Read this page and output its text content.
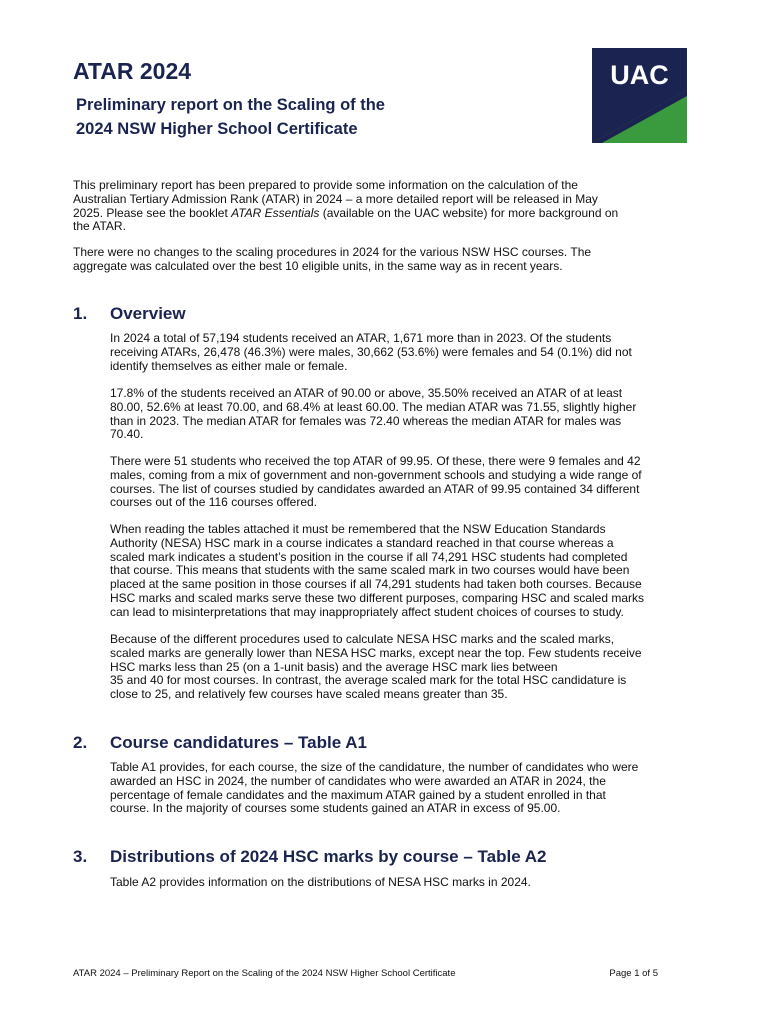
ATAR 2024
Preliminary report on the Scaling of the
2024 NSW Higher School Certificate
UAC

This preliminary report has been prepared to provide some information on the calculation of the
Australian Tertiary Admission Rank (ATAR) in 2024 – a more detailed report will be released in May
2025. Please see the booklet ATAR Essentials (available on the UAC website) for more background on
the ATAR.

There were no changes to the scaling procedures in 2024 for the various NSW HSC courses. The
aggregate was calculated over the best 10 eligible units, in the same way as in recent years.

1. Overview

In 2024 a total of 57,194 students received an ATAR, 1,671 more than in 2023. Of the students
receiving ATARs, 26,478 (46.3%) were males, 30,662 (53.6%) were females and 54 (0.1%) did not
identify themselves as either male or female.

17.8% of the students received an ATAR of 90.00 or above, 35.50% received an ATAR of at least
80.00, 52.6% at least 70.00, and 68.4% at least 60.00. The median ATAR was 71.55, slightly higher
than in 2023. The median ATAR for females was 72.40 whereas the median ATAR for males was
70.40.

There were 51 students who received the top ATAR of 99.95. Of these, there were 9 females and 42
males, coming from a mix of government and non-government schools and studying a wide range of
courses. The list of courses studied by candidates awarded an ATAR of 99.95 contained 34 different
courses out of the 116 courses offered.

When reading the tables attached it must be remembered that the NSW Education Standards
Authority (NESA) HSC mark in a course indicates a standard reached in that course whereas a
scaled mark indicates a student’s position in the course if all 74,291 HSC students had completed
that course. This means that students with the same scaled mark in two courses would have been
placed at the same position in those courses if all 74,291 students had taken both courses. Because
HSC marks and scaled marks serve these two different purposes, comparing HSC and scaled marks
can lead to misinterpretations that may inappropriately affect student choices of courses to study.

Because of the different procedures used to calculate NESA HSC marks and the scaled marks,
scaled marks are generally lower than NESA HSC marks, except near the top. Few students receive
HSC marks less than 25 (on a 1-unit basis) and the average HSC mark lies between
35 and 40 for most courses. In contrast, the average scaled mark for the total HSC candidature is
close to 25, and relatively few courses have scaled means greater than 35.

2. Course candidatures – Table A1

Table A1 provides, for each course, the size of the candidature, the number of candidates who were
awarded an HSC in 2024, the number of candidates who were awarded an ATAR in 2024, the
percentage of female candidates and the maximum ATAR gained by a student enrolled in that
course. In the majority of courses some students gained an ATAR in excess of 95.00.

3. Distributions of 2024 HSC marks by course – Table A2

Table A2 provides information on the distributions of NESA HSC marks in 2024.

ATAR 2024 – Preliminary Report on the Scaling of the 2024 NSW Higher School Certificate	Page 1 of 5
